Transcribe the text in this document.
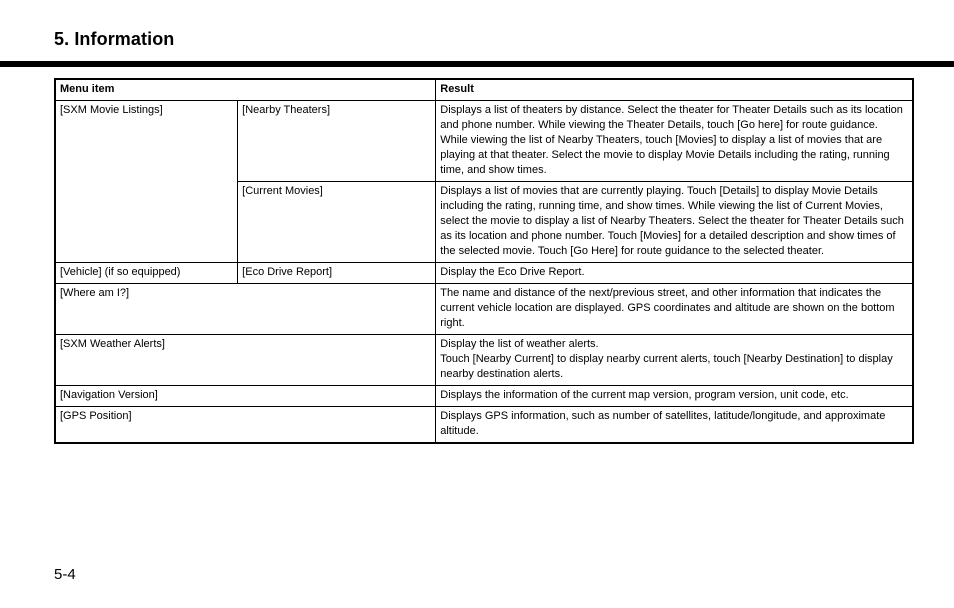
5. Information
Menu item		Result
[SXM Movie Listings]	[Nearby Theaters]	Displays a list of theaters by distance. Select the theater for Theater Details such as its location and phone number. While viewing the Theater Details, touch [Go here] for route guidance. While viewing the list of Nearby Theaters, touch [Movies] to display a list of movies that are playing at that theater. Select the movie to display Movie Details including the rating, running time, and show times.
	[Current Movies]	Displays a list of movies that are currently playing. Touch [Details] to display Movie Details including the rating, running time, and show times. While viewing the list of Current Movies, select the movie to display a list of Nearby Theaters. Select the theater for Theater Details such as its location and phone number. Touch [Movies] for a detailed description and show times of the selected movie. Touch [Go Here] for route guidance to the selected theater.
[Vehicle] (if so equipped)	[Eco Drive Report]	Display the Eco Drive Report.
[Where am I?]		The name and distance of the next/previous street, and other information that indicates the current vehicle location are displayed. GPS coordinates and altitude are shown on the bottom right.
[SXM Weather Alerts]		Display the list of weather alerts.
Touch [Nearby Current] to display nearby current alerts, touch [Nearby Destination] to display nearby destination alerts.

[Navigation Version]		Displays the information of the current map version, program version, unit code, etc.
[GPS Position]		Displays GPS information, such as number of satellites, latitude/longitude, and approximate altitude.
5-4
